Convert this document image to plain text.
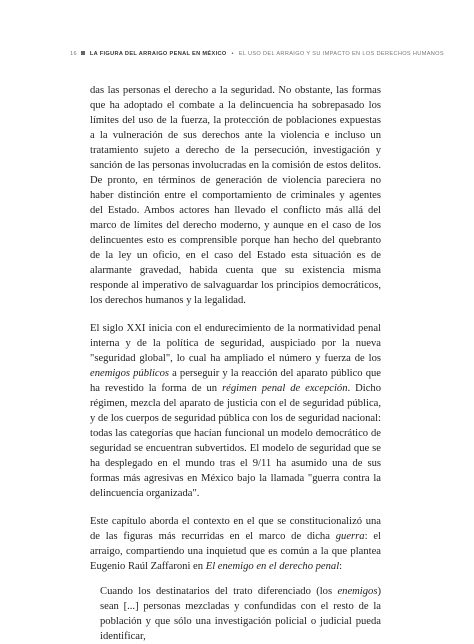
16 LA FIGURA DEL ARRAIGO PENAL EN MÉXICO • EL USO DEL ARRAIGO Y SU IMPACTO EN LOS DERECHOS HUMANOS

das las personas el derecho a la seguridad. No obstante, las formas que ha adoptado el combate a la delincuencia ha sobrepasado los límites del uso de la fuerza, la protección de poblaciones expuestas a la vulneración de sus derechos ante la violencia e incluso un tratamiento sujeto a derecho de la persecución, investigación y sanción de las personas involucradas en la comisión de estos delitos. De pronto, en términos de generación de violencia pareciera no haber distinción entre el comportamiento de criminales y agentes del Estado. Ambos actores han llevado el conflicto más allá del marco de límites del derecho moderno, y aunque en el caso de los delincuentes esto es comprensible porque han hecho del quebranto de la ley un oficio, en el caso del Estado esta situación es de alarmante gravedad, habida cuenta que su existencia misma responde al imperativo de salvaguardar los principios democráticos, los derechos humanos y la legalidad.

El siglo XXI inicia con el endurecimiento de la normatividad penal interna y de la política de seguridad, auspiciado por la nueva "seguridad global", lo cual ha ampliado el número y fuerza de los enemigos públicos a perseguir y la reacción del aparato público que ha revestido la forma de un régimen penal de excepción. Dicho régimen, mezcla del aparato de justicia con el de seguridad pública, y de los cuerpos de seguridad pública con los de seguridad nacional: todas las categorías que hacían funcional un modelo democrático de seguridad se encuentran subvertidos. El modelo de seguridad que se ha desplegado en el mundo tras el 9/11 ha asumido una de sus formas más agresivas en México bajo la llamada "guerra contra la delincuencia organizada".

Este capítulo aborda el contexto en el que se constitucionalizó una de las figuras más recurridas en el marco de dicha guerra: el arraigo, compartiendo una inquietud que es común a la que plantea Eugenio Raúl Zaffaroni en El enemigo en el derecho penal:

Cuando los destinatarios del trato diferenciado (los enemigos) sean [...] personas mezcladas y confundidas con el resto de la población y que sólo una investigación policial o judicial pueda identificar,
